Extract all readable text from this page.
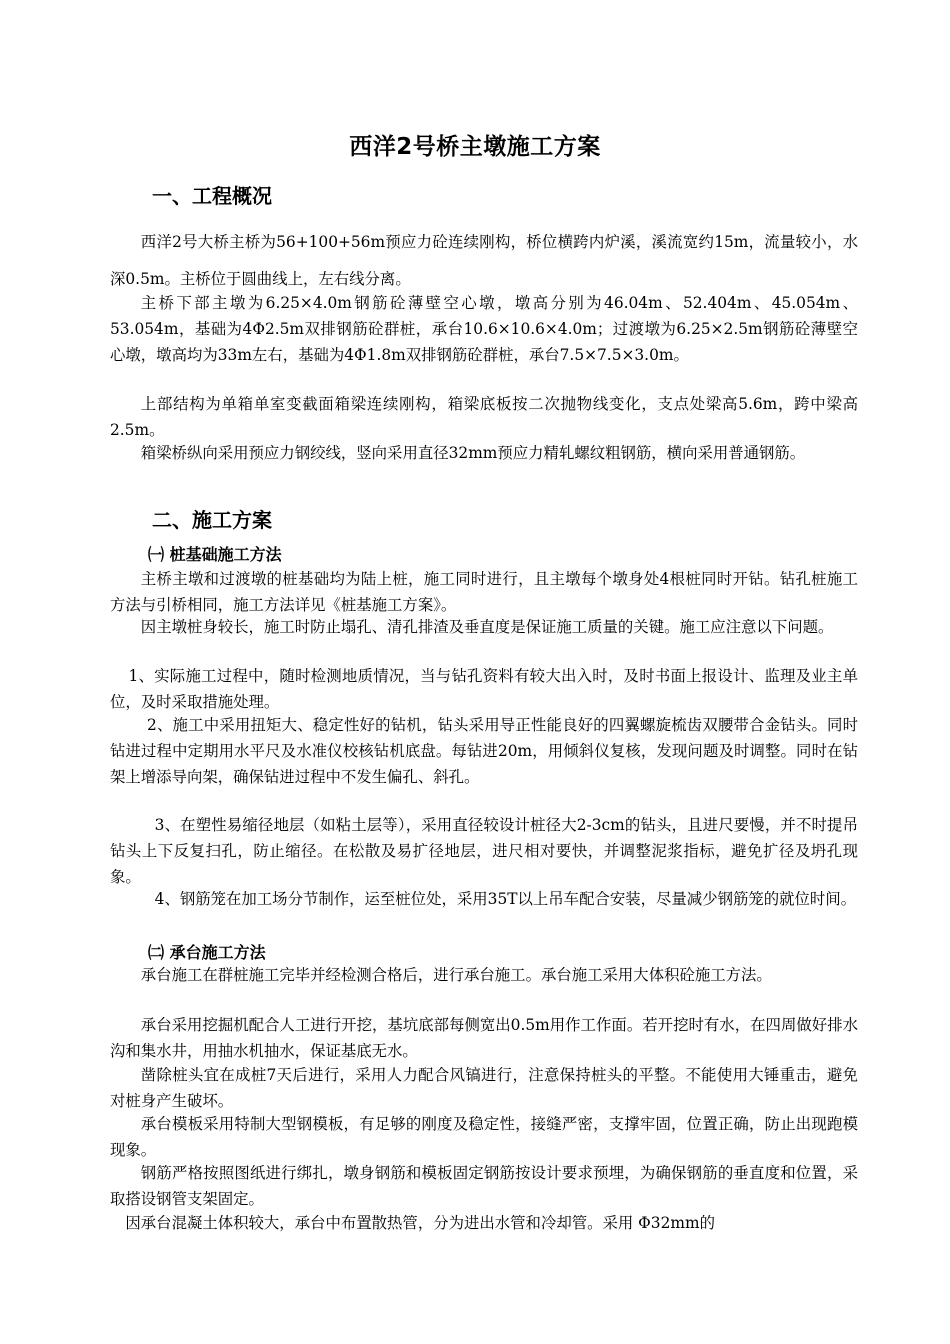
西洋2号桥主墩施工方案
一、工程概况

西洋2号大桥主桥为56+100+56m预应力砼连续刚构，桥位横跨内炉溪，溪流宽约15m，流量较小，水深0.5m。主桥位于圆曲线上，左右线分离。

主桥下部主墩为6.25×4.0m钢筋砼薄壁空心墩，墩高分别为46.04m、52.404m、45.054m、53.054m，基础为4Φ2.5m双排钢筋砼群桩，承台10.6×10.6×4.0m；过渡墩为6.25×2.5m钢筋砼薄壁空心墩，墩高均为33m左右，基础为4Φ1.8m双排钢筋砼群桩，承台7.5×7.5×3.0m。

上部结构为单箱单室变截面箱梁连续刚构，箱梁底板按二次抛物线变化，支点处梁高5.6m，跨中梁高2.5m。

箱梁桥纵向采用预应力钢绞线，竖向采用直径32mm预应力精轧螺纹粗钢筋，横向采用普通钢筋。

二、施工方案
㈠ 桩基础施工方法

主桥主墩和过渡墩的桩基础均为陆上桩，施工同时进行，且主墩每个墩身处4根桩同时开钻。钻孔桩施工方法与引桥相同，施工方法详见《桩基施工方案》。

因主墩桩身较长，施工时防止塌孔、清孔排渣及垂直度是保证施工质量的关键。施工应注意以下问题。

1、实际施工过程中，随时检测地质情况，当与钻孔资料有较大出入时，及时书面上报设计、监理及业主单位，及时采取措施处理。

2、施工中采用扭矩大、稳定性好的钻机，钻头采用导正性能良好的四翼螺旋梳齿双腰带合金钻头。同时钻进过程中定期用水平尺及水准仪校核钻机底盘。每钻进20m，用倾斜仪复核，发现问题及时调整。同时在钻架上增添导向架，确保钻进过程中不发生偏孔、斜孔。

3、在塑性易缩径地层（如粘土层等），采用直径较设计桩径大2-3cm的钻头，且进尺要慢，并不时提吊钻头上下反复扫孔，防止缩径。在松散及易扩径地层，进尺相对要快，并调整泥浆指标，避免扩径及坍孔现象。

4、钢筋笼在加工场分节制作，运至桩位处，采用35T以上吊车配合安装，尽量减少钢筋笼的就位时间。

㈡ 承台施工方法

承台施工在群桩施工完毕并经检测合格后，进行承台施工。承台施工采用大体积砼施工方法。

承台采用挖掘机配合人工进行开挖，基坑底部每侧宽出0.5m用作工作面。若开挖时有水，在四周做好排水沟和集水井，用抽水机抽水，保证基底无水。

凿除桩头宜在成桩7天后进行，采用人力配合风镐进行，注意保持桩头的平整。不能使用大锤重击，避免对桩身产生破坏。

承台模板采用特制大型钢模板，有足够的刚度及稳定性，接缝严密，支撑牢固，位置正确，防止出现跑模现象。

钢筋严格按照图纸进行绑扎，墩身钢筋和模板固定钢筋按设计要求预埋，为确保钢筋的垂直度和位置，采取搭设钢管支架固定。

因承台混凝土体积较大，承台中布置散热管，分为进出水管和冷却管。采用 Φ32mm的
